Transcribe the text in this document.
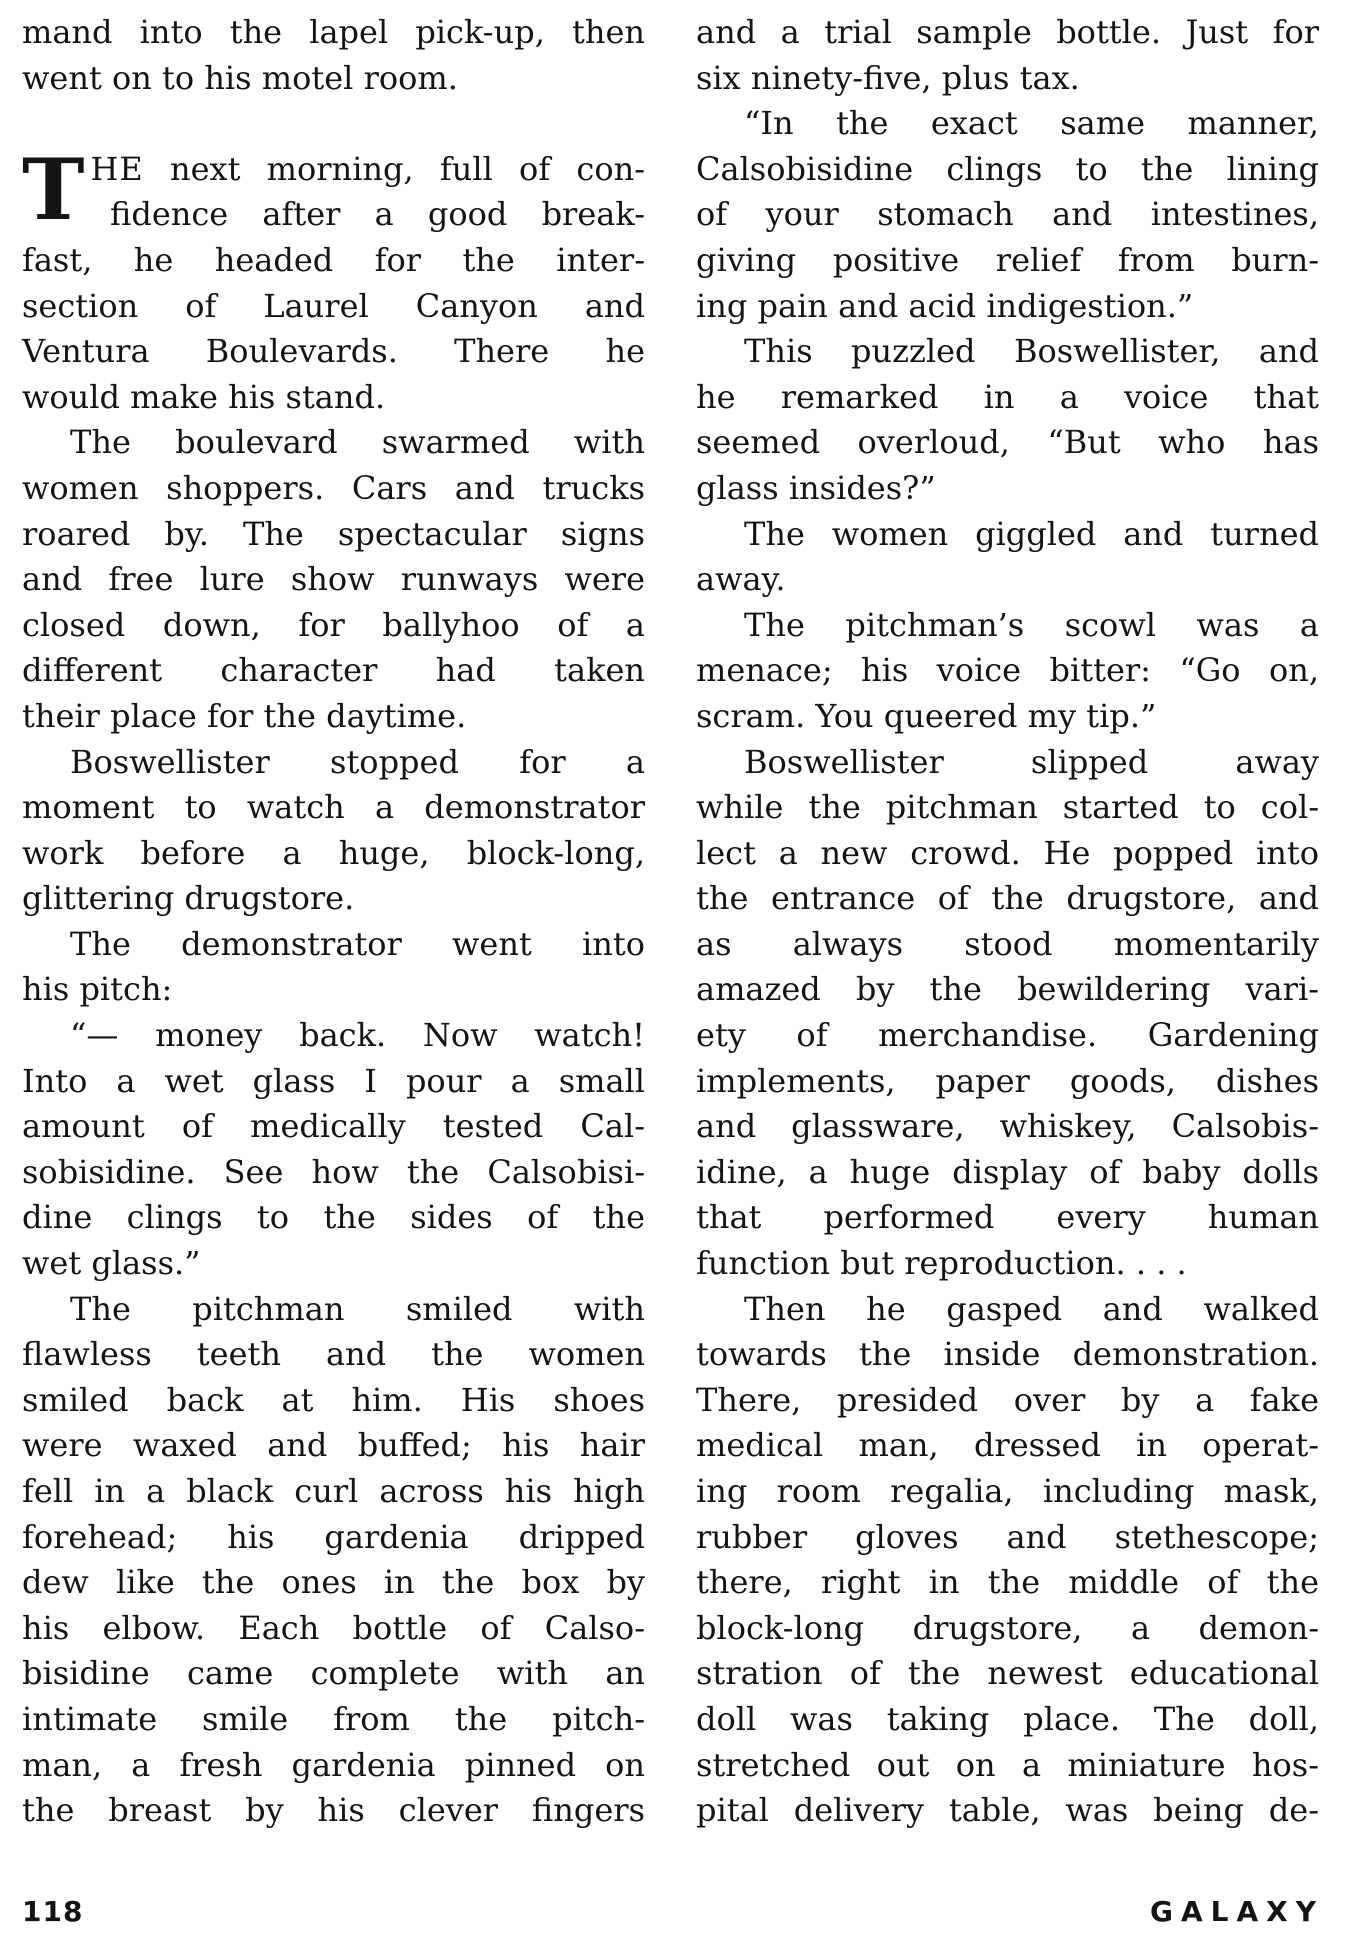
mand into the lapel pick-up, then
went on to his motel room.
THE next morning, full of con-
fidence after a good break-
fast, he headed for the inter-
section of Laurel Canyon and
Ventura Boulevards. There he
would make his stand.
The boulevard swarmed with
women shoppers. Cars and trucks
roared by. The spectacular signs
and free lure show runways were
closed down, for ballyhoo of a
different character had taken
their place for the daytime.
Boswellister stopped for a
moment to watch a demonstrator
work before a huge, block-long,
glittering drugstore.
The demonstrator went into
his pitch:
“— money back. Now watch!
Into a wet glass I pour a small
amount of medically tested Cal-
sobisidine. See how the Calsobisi-
dine clings to the sides of the
wet glass.”
The pitchman smiled with
flawless teeth and the women
smiled back at him. His shoes
were waxed and buffed; his hair
fell in a black curl across his high
forehead; his gardenia dripped
dew like the ones in the box by
his elbow. Each bottle of Calso-
bisidine came complete with an
intimate smile from the pitch-
man, a fresh gardenia pinned on
the breast by his clever fingers
and a trial sample bottle. Just for
six ninety-five, plus tax.
“In the exact same manner,
Calsobisidine clings to the lining
of your stomach and intestines,
giving positive relief from burn-
ing pain and acid indigestion.”
This puzzled Boswellister, and
he remarked in a voice that
seemed overloud, “But who has
glass insides?”
The women giggled and turned
away.
The pitchman’s scowl was a
menace; his voice bitter: “Go on,
scram. You queered my tip.”
Boswellister slipped away
while the pitchman started to col-
lect a new crowd. He popped into
the entrance of the drugstore, and
as always stood momentarily
amazed by the bewildering vari-
ety of merchandise. Gardening
implements, paper goods, dishes
and glassware, whiskey, Calsobis-
idine, a huge display of baby dolls
that performed every human
function but reproduction. . . .
Then he gasped and walked
towards the inside demonstration.
There, presided over by a fake
medical man, dressed in operat-
ing room regalia, including mask,
rubber gloves and stethescope;
there, right in the middle of the
block-long drugstore, a demon-
stration of the newest educational
doll was taking place. The doll,
stretched out on a miniature hos-
pital delivery table, was being de-
118	GALAXY
